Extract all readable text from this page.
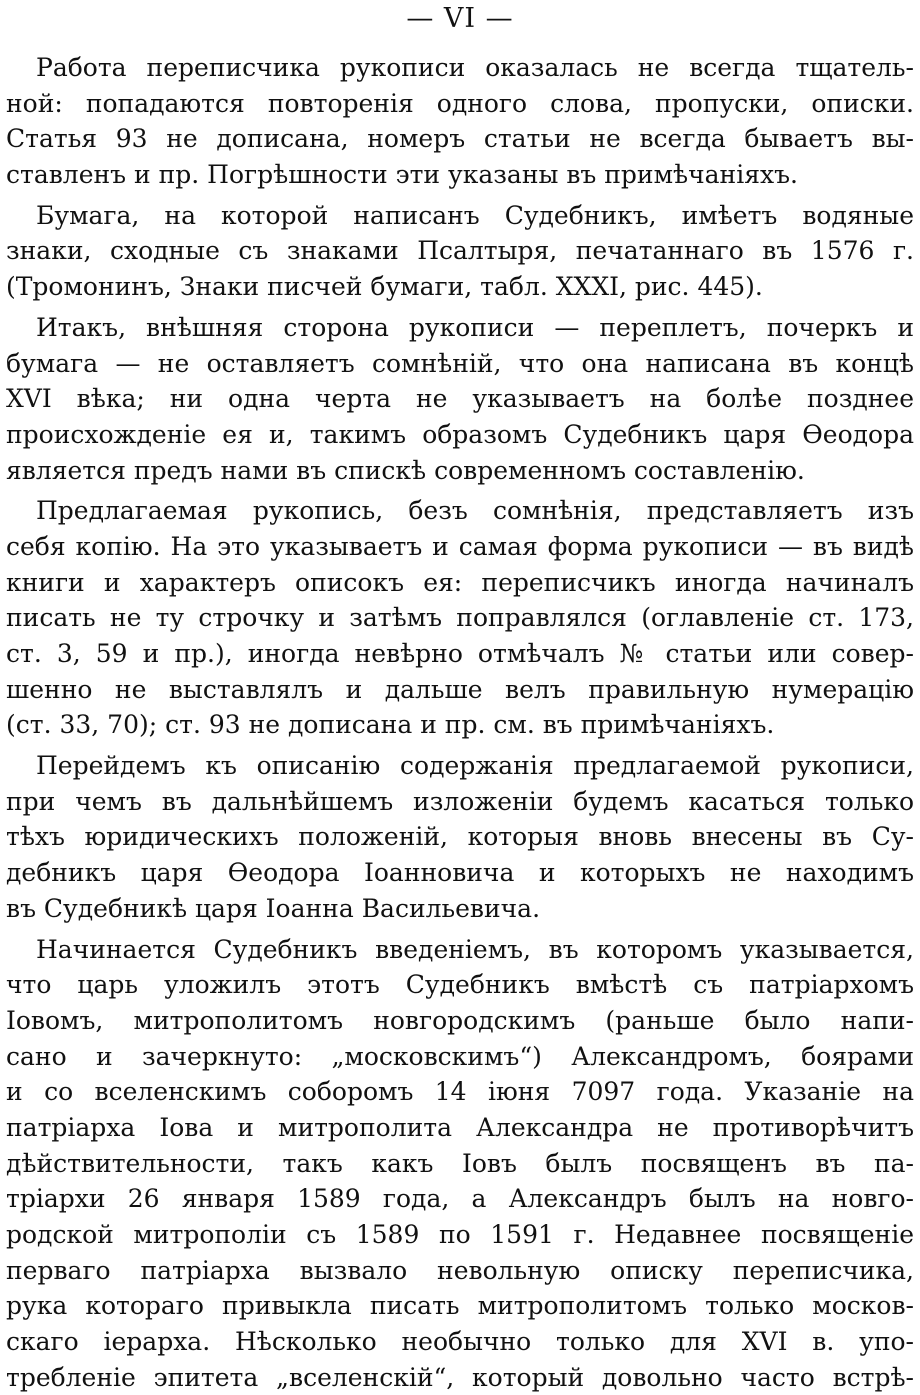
— VI —
Работа переписчика рукописи оказалась не всегда тщатель-
ной: попадаются повторенія одного слова, пропуски, описки.
Статья 93 не дописана, номеръ статьи не всегда бываетъ вы-
ставленъ и пр. Погрѣшности эти указаны въ примѣчаніяхъ.
Бумага, на которой написанъ Судебникъ, имѣетъ водяные
знаки, сходные съ знаками Псалтыря, печатаннаго въ 1576 г.
(Тромонинъ, Знаки писчей бумаги, табл. XXXI, рис. 445).
Итакъ, внѣшняя сторона рукописи — переплетъ, почеркъ и
бумага — не оставляетъ сомнѣній, что она написана въ концѣ
XVI вѣка; ни одна черта не указываетъ на болѣе позднее
происхожденіе ея и, такимъ образомъ Судебникъ царя Өеодора
является предъ нами въ спискѣ современномъ составленію.
Предлагаемая рукопись, безъ сомнѣнія, представляетъ изъ
себя копію. На это указываетъ и самая форма рукописи — въ видѣ
книги и характеръ описокъ ея: переписчикъ иногда начиналъ
писать не ту строчку и затѣмъ поправлялся (оглавленіе ст. 173,
ст. 3, 59 и пр.), иногда невѣрно отмѣчалъ № статьи или совер-
шенно не выставлялъ и дальше велъ правильную нумерацію
(ст. 33, 70); ст. 93 не дописана и пр. см. въ примѣчаніяхъ.
Перейдемъ къ описанію содержанія предлагаемой рукописи,
при чемъ въ дальнѣйшемъ изложеніи будемъ касаться только
тѣхъ юридическихъ положеній, которыя вновь внесены въ Су-
дебникъ царя Өеодора Іоанновича и которыхъ не находимъ
въ Судебникѣ царя Іоанна Васильевича.
Начинается Судебникъ введеніемъ, въ которомъ указывается,
что царь уложилъ этотъ Судебникъ вмѣстѣ съ патріархомъ
Іовомъ, митрополитомъ новгородскимъ (раньше было напи-
сано и зачеркнуто: „московскимъ“) Александромъ, боярами
и со вселенскимъ соборомъ 14 іюня 7097 года. Указаніе на
патріарха Іова и митрополита Александра не противорѣчитъ
дѣйствительности, такъ какъ Іовъ былъ посвященъ въ па-
тріархи 26 января 1589 года, а Александръ былъ на новго-
родской митрополіи съ 1589 по 1591 г. Недавнее посвященіе
перваго патріарха вызвало невольную описку переписчика,
рука котораго привыкла писать митрополитомъ только москов-
скаго іерарха. Нѣсколько необычно только для XVI в. упо-
требленіе эпитета „вселенскій“, который довольно часто встрѣ-
